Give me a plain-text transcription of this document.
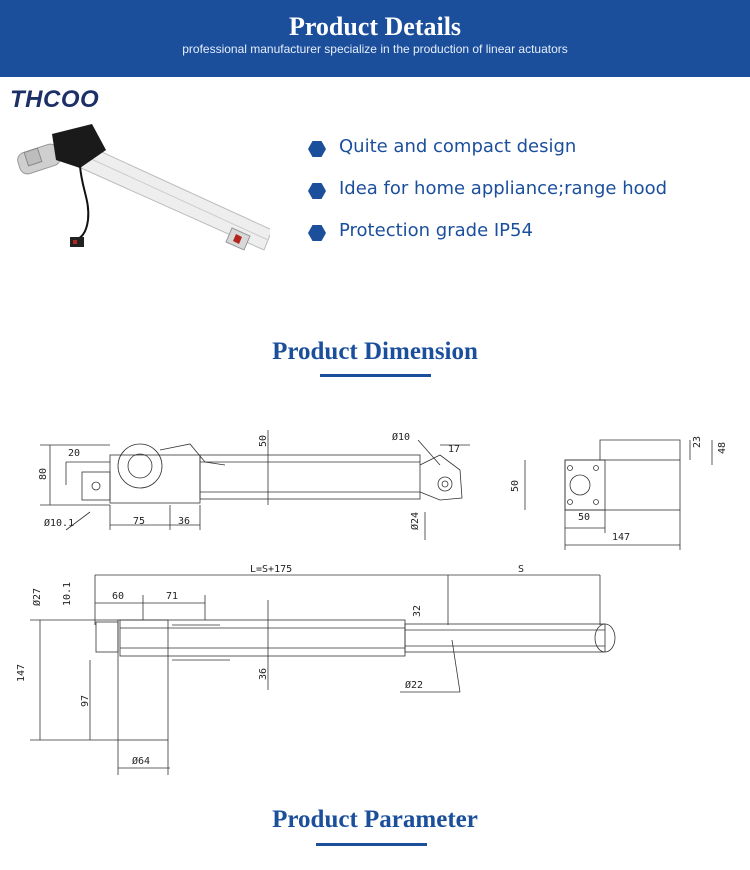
Product Details
professional manufacturer specialize in the production of linear actuators
THCOO
Quite and compact design
Idea for home appliance;range hood
Protection grade IP54
Product Dimension
50
80
20
Ø10.1	75	36
Ø10
17
Ø24	50
50
147
23 48
L=S+175	S
Ø27 10.1	60	71
32
147
97
36
Ø22
Ø64
Product Parameter
